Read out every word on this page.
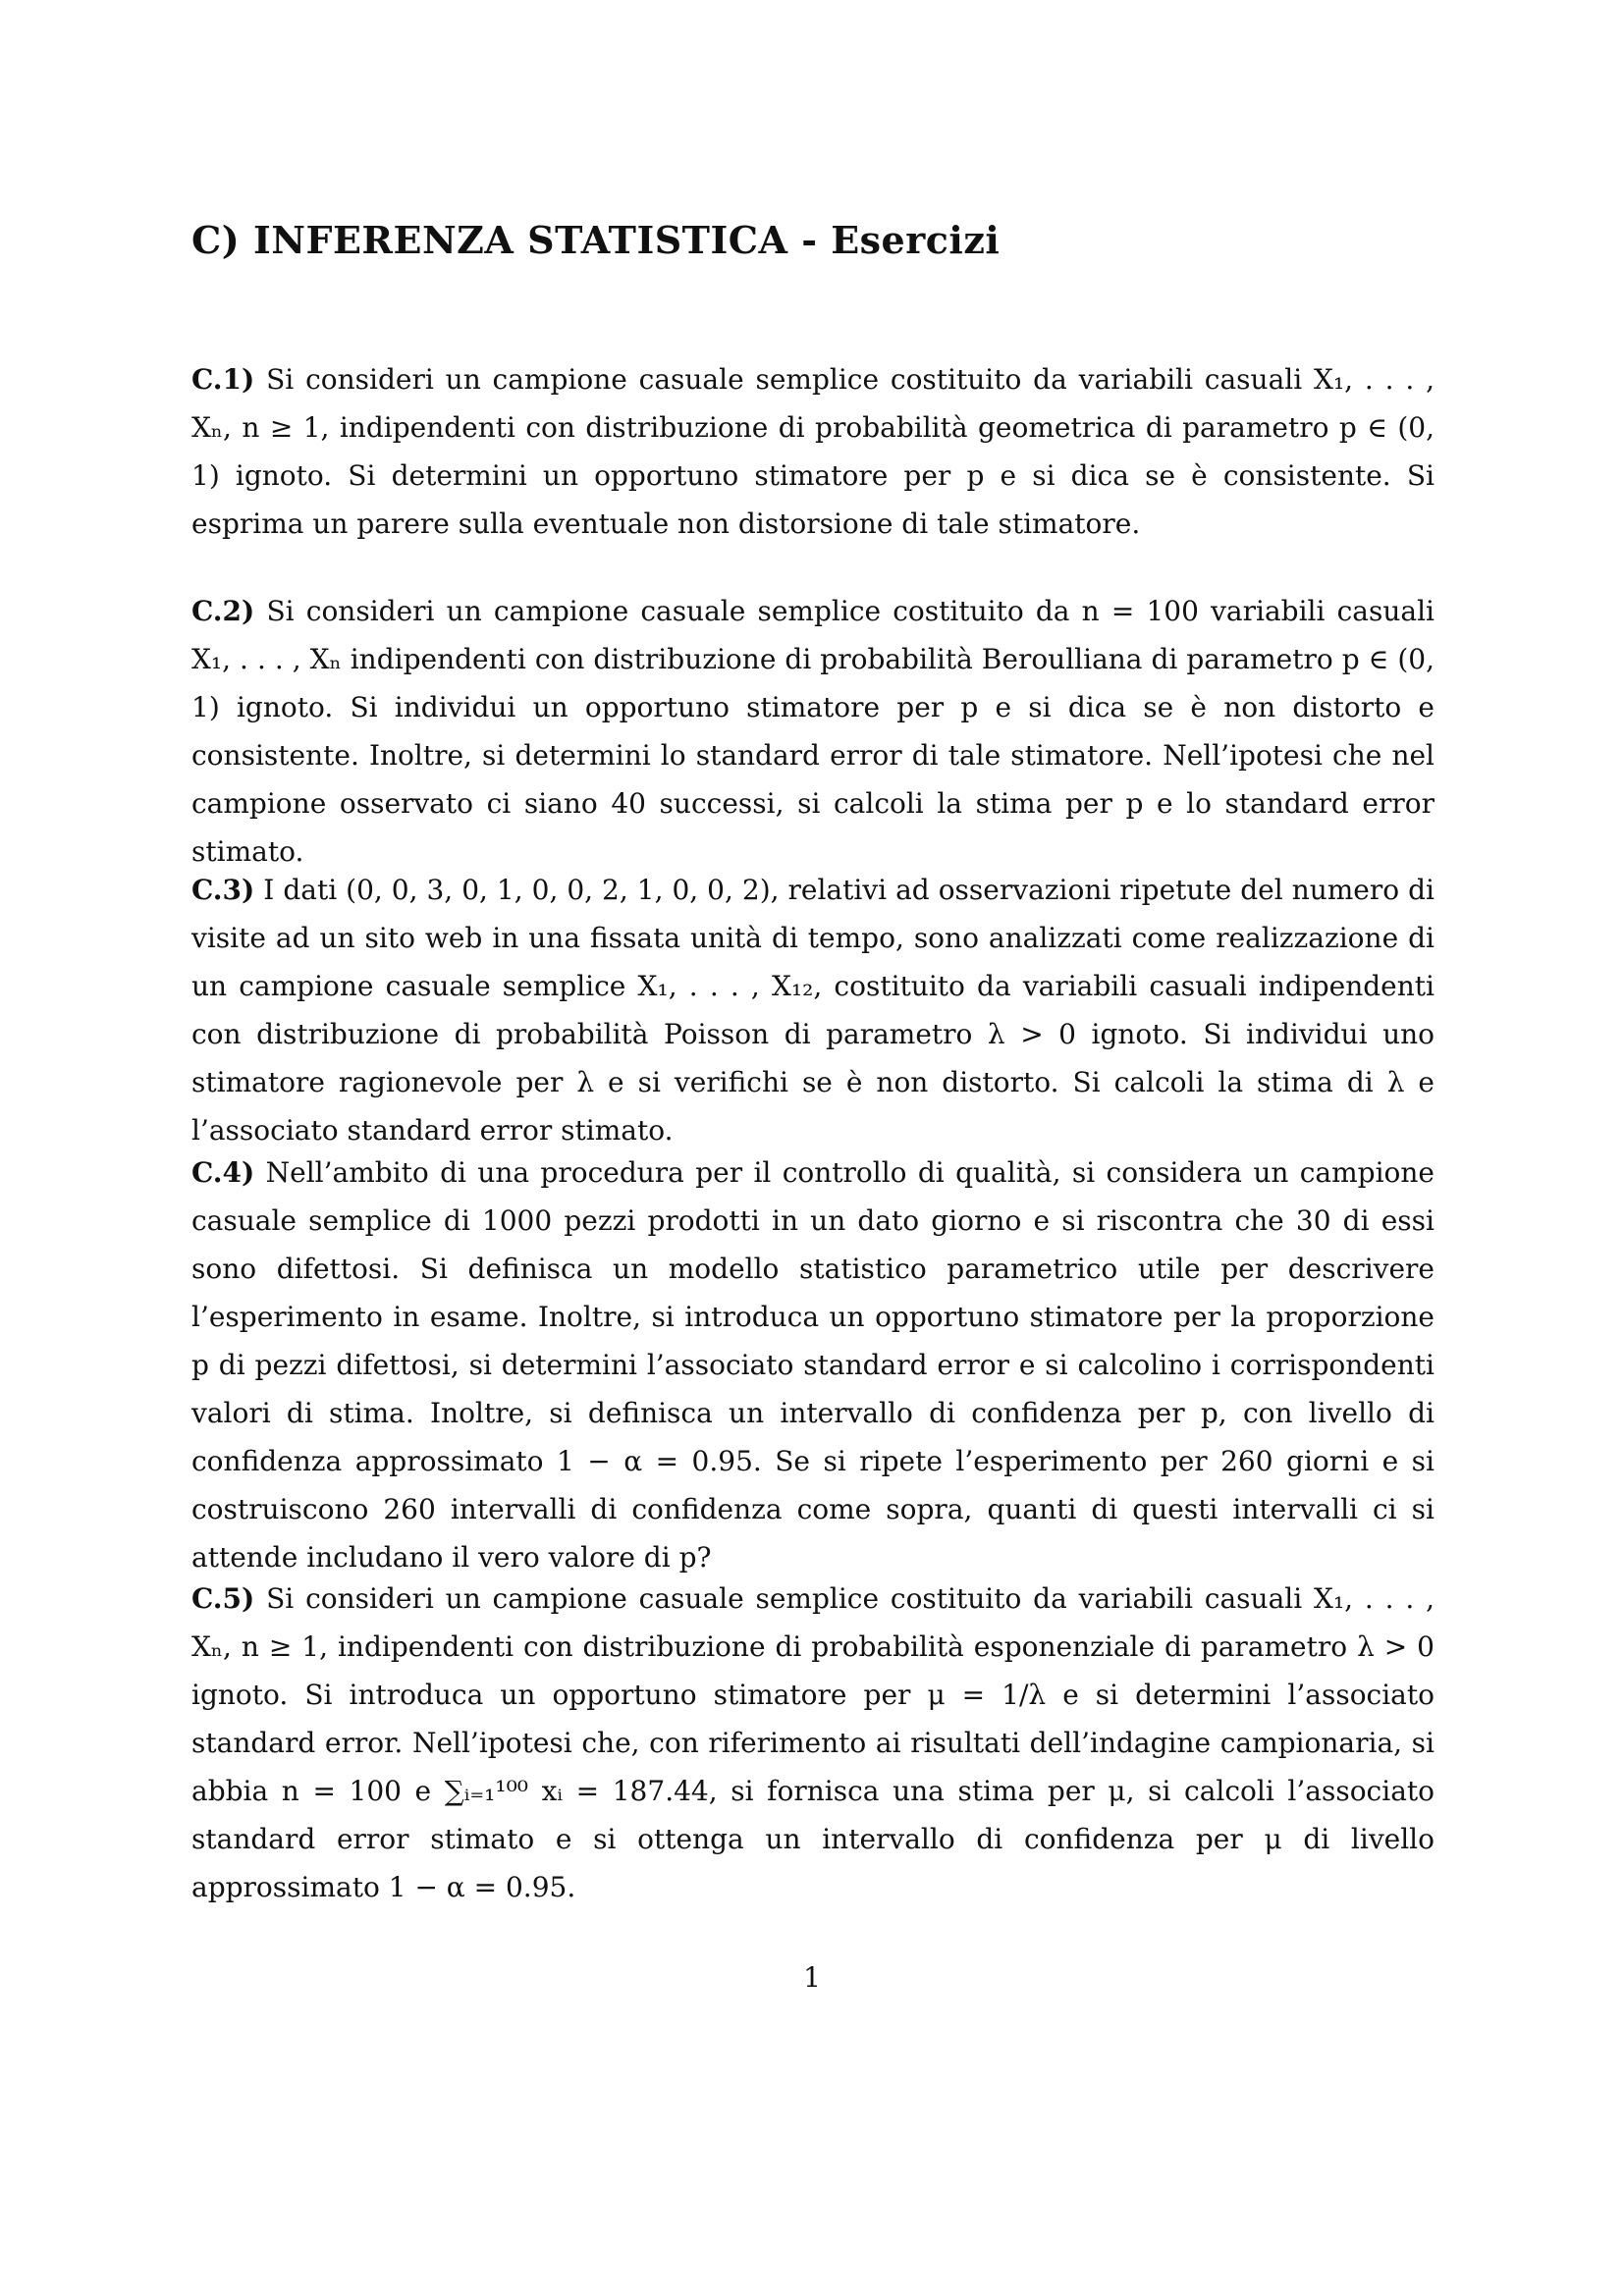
C) INFERENZA STATISTICA - Esercizi

C.1) Si consideri un campione casuale semplice costituito da variabili casuali X₁, . . . , Xₙ, n ≥ 1, indipendenti con distribuzione di probabilità geometrica di parametro p ∈ (0, 1) ignoto. Si determini un opportuno stimatore per p e si dica se è consistente. Si esprima un parere sulla eventuale non distorsione di tale stimatore.

C.2) Si consideri un campione casuale semplice costituito da n = 100 variabili casuali X₁, . . . , Xₙ indipendenti con distribuzione di probabilità Beroulliana di parametro p ∈ (0, 1) ignoto. Si individui un opportuno stimatore per p e si dica se è non distorto e consistente. Inoltre, si determini lo standard error di tale stimatore. Nell’ipotesi che nel campione osservato ci siano 40 successi, si calcoli la stima per p e lo standard error stimato.

C.3) I dati (0, 0, 3, 0, 1, 0, 0, 2, 1, 0, 0, 2), relativi ad osservazioni ripetute del numero di visite ad un sito web in una fissata unità di tempo, sono analizzati come realizzazione di un campione casuale semplice X₁, . . . , X₁₂, costituito da variabili casuali indipendenti con distribuzione di probabilità Poisson di parametro λ > 0 ignoto. Si individui uno stimatore ragionevole per λ e si verifichi se è non distorto. Si calcoli la stima di λ e l’associato standard error stimato.

C.4) Nell’ambito di una procedura per il controllo di qualità, si considera un campione casuale semplice di 1000 pezzi prodotti in un dato giorno e si riscontra che 30 di essi sono difettosi. Si definisca un modello statistico parametrico utile per descrivere l’esperimento in esame. Inoltre, si introduca un opportuno stimatore per la proporzione p di pezzi difettosi, si determini l’associato standard error e si calcolino i corrispondenti valori di stima. Inoltre, si definisca un intervallo di confidenza per p, con livello di confidenza approssimato 1 − α = 0.95. Se si ripete l’esperimento per 260 giorni e si costruiscono 260 intervalli di confidenza come sopra, quanti di questi intervalli ci si attende includano il vero valore di p?

C.5) Si consideri un campione casuale semplice costituito da variabili casuali X₁, . . . , Xₙ, n ≥ 1, indipendenti con distribuzione di probabilità esponenziale di parametro λ > 0 ignoto. Si introduca un opportuno stimatore per μ = 1/λ e si determini l’associato standard error. Nell’ipotesi che, con riferimento ai risultati dell’indagine campionaria, si abbia n = 100 e ∑ᵢ₌₁¹⁰⁰ xᵢ = 187.44, si fornisca una stima per μ, si calcoli l’associato standard error stimato e si ottenga un intervallo di confidenza per μ di livello approssimato 1 − α = 0.95.

1
